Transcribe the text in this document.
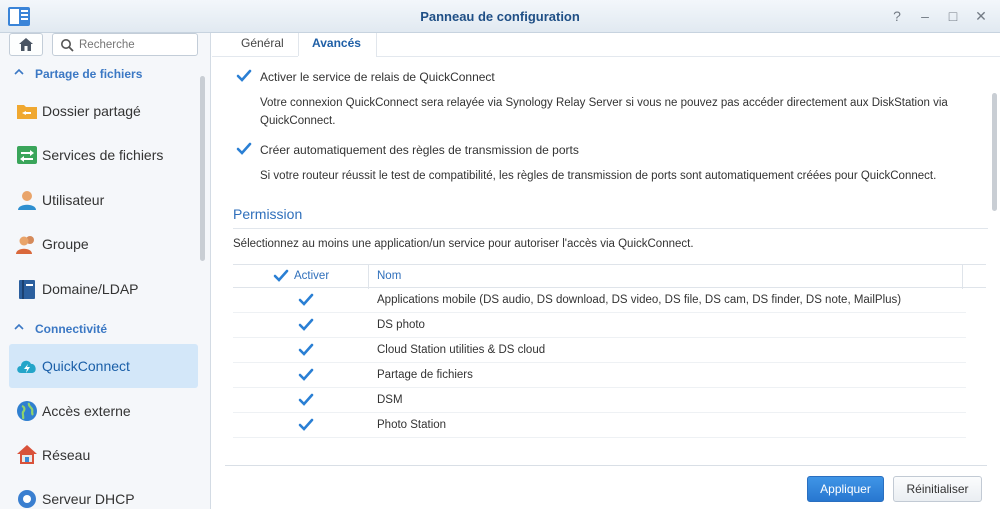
Panneau de configuration	?	–	□	✕
Recherche
Partage de fichiers
Dossier partagé
Services de fichiers
Utilisateur
Groupe
Domaine/LDAP
Connectivité
QuickConnect
Accès externe
Réseau
Serveur DHCP
Général Avancés
Activer le service de relais de QuickConnect
Votre connexion QuickConnect sera relayée via Synology Relay Server si vous ne pouvez pas accéder directement aux DiskStation via
QuickConnect.
Créer automatiquement des règles de transmission de ports
Si votre routeur réussit le test de compatibilité, les règles de transmission de ports sont automatiquement créées pour QuickConnect.
Permission
Sélectionnez au moins une application/un service pour autoriser l'accès via QuickConnect.
Activer	Nom
Applications mobile (DS audio, DS download, DS video, DS file, DS cam, DS finder, DS note, MailPlus)
DS photo
Cloud Station utilities & DS cloud
Partage de fichiers
DSM
Photo Station
Appliquer	Réinitialiser
